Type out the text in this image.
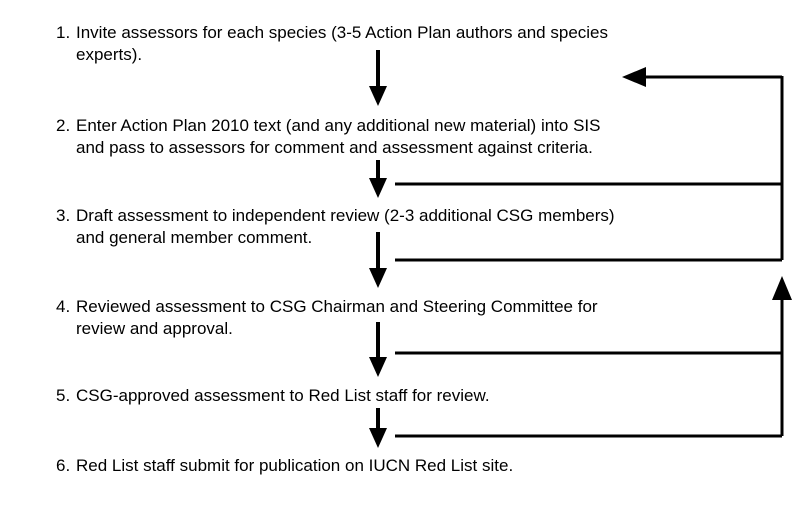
1. Invite assessors for each species (3-5 Action Plan authors and species
experts).
2. Enter Action Plan 2010 text (and any additional new material) into SIS
and pass to assessors for comment and assessment against criteria.
3. Draft assessment to independent review (2-3 additional CSG members)
and general member comment.
4. Reviewed assessment to CSG Chairman and Steering Committee for
review and approval.
5. CSG-approved assessment to Red List staff for review.
6. Red List staff submit for publication on IUCN Red List site.
